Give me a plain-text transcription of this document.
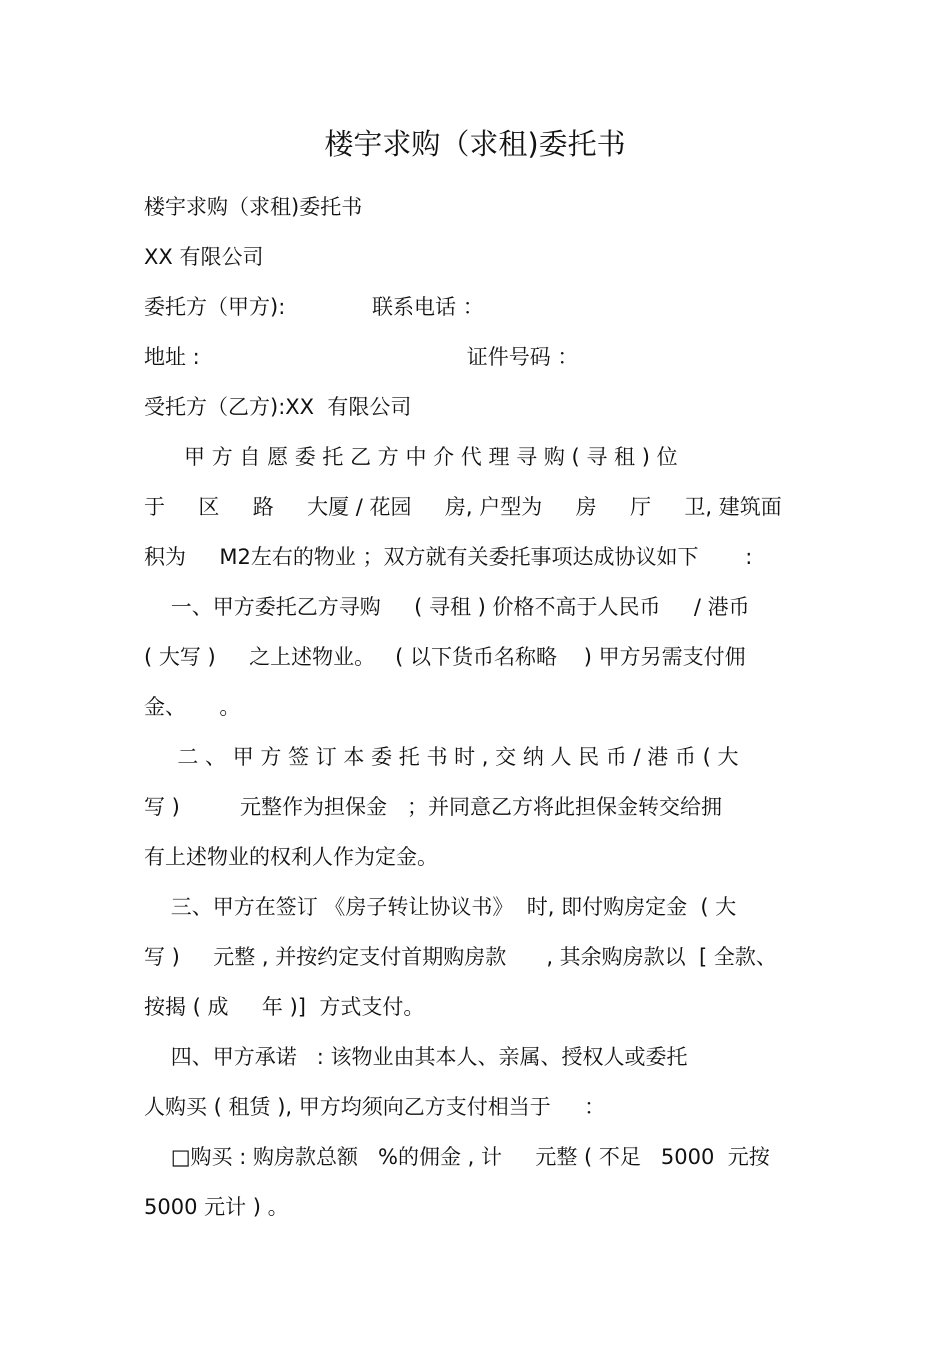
楼宇求购（求租)委托书

楼宇求购（求租)委托书

XX 有限公司

委托方（甲方):             联系电话 ：

地址 :                                        证件号码 ：

受托方（乙方):XX  有限公司

甲 方 自 愿 委 托 乙 方 中 介 代 理 寻 购 ( 寻 租 ) 位

于     区     路     大厦 / 花园     房, 户型为     房     厅     卫, 建筑面

积为     M2左右的物业 ；双方就有关委托事项达成协议如下       :

一、甲方委托乙方寻购     ( 寻租 ) 价格不高于人民币     / 港币

( 大写 )     之上述物业。   ( 以下货币名称略    ) 甲方另需支付佣

金、     。

二 、 甲 方 签 订 本 委 托 书 时 , 交 纳 人 民 币 / 港 币 ( 大

写 )         元整作为担保金   ；并同意乙方将此担保金转交给拥

有上述物业的权利人作为定金。

三、甲方在签订 《房子转让协议书》  时, 即付购房定金  ( 大

写 )     元整 , 并按约定支付首期购房款      , 其余购房款以  [ 全款、

按揭 ( 成     年 )]  方式支付。

四、甲方承诺   : 该物业由其本人、亲属、授权人或委托

人购买 ( 租赁 ), 甲方均须向乙方支付相当于     ：

□购买 : 购房款总额   %的佣金 , 计     元整 ( 不足   5000  元按

5000 元计 ) 。
